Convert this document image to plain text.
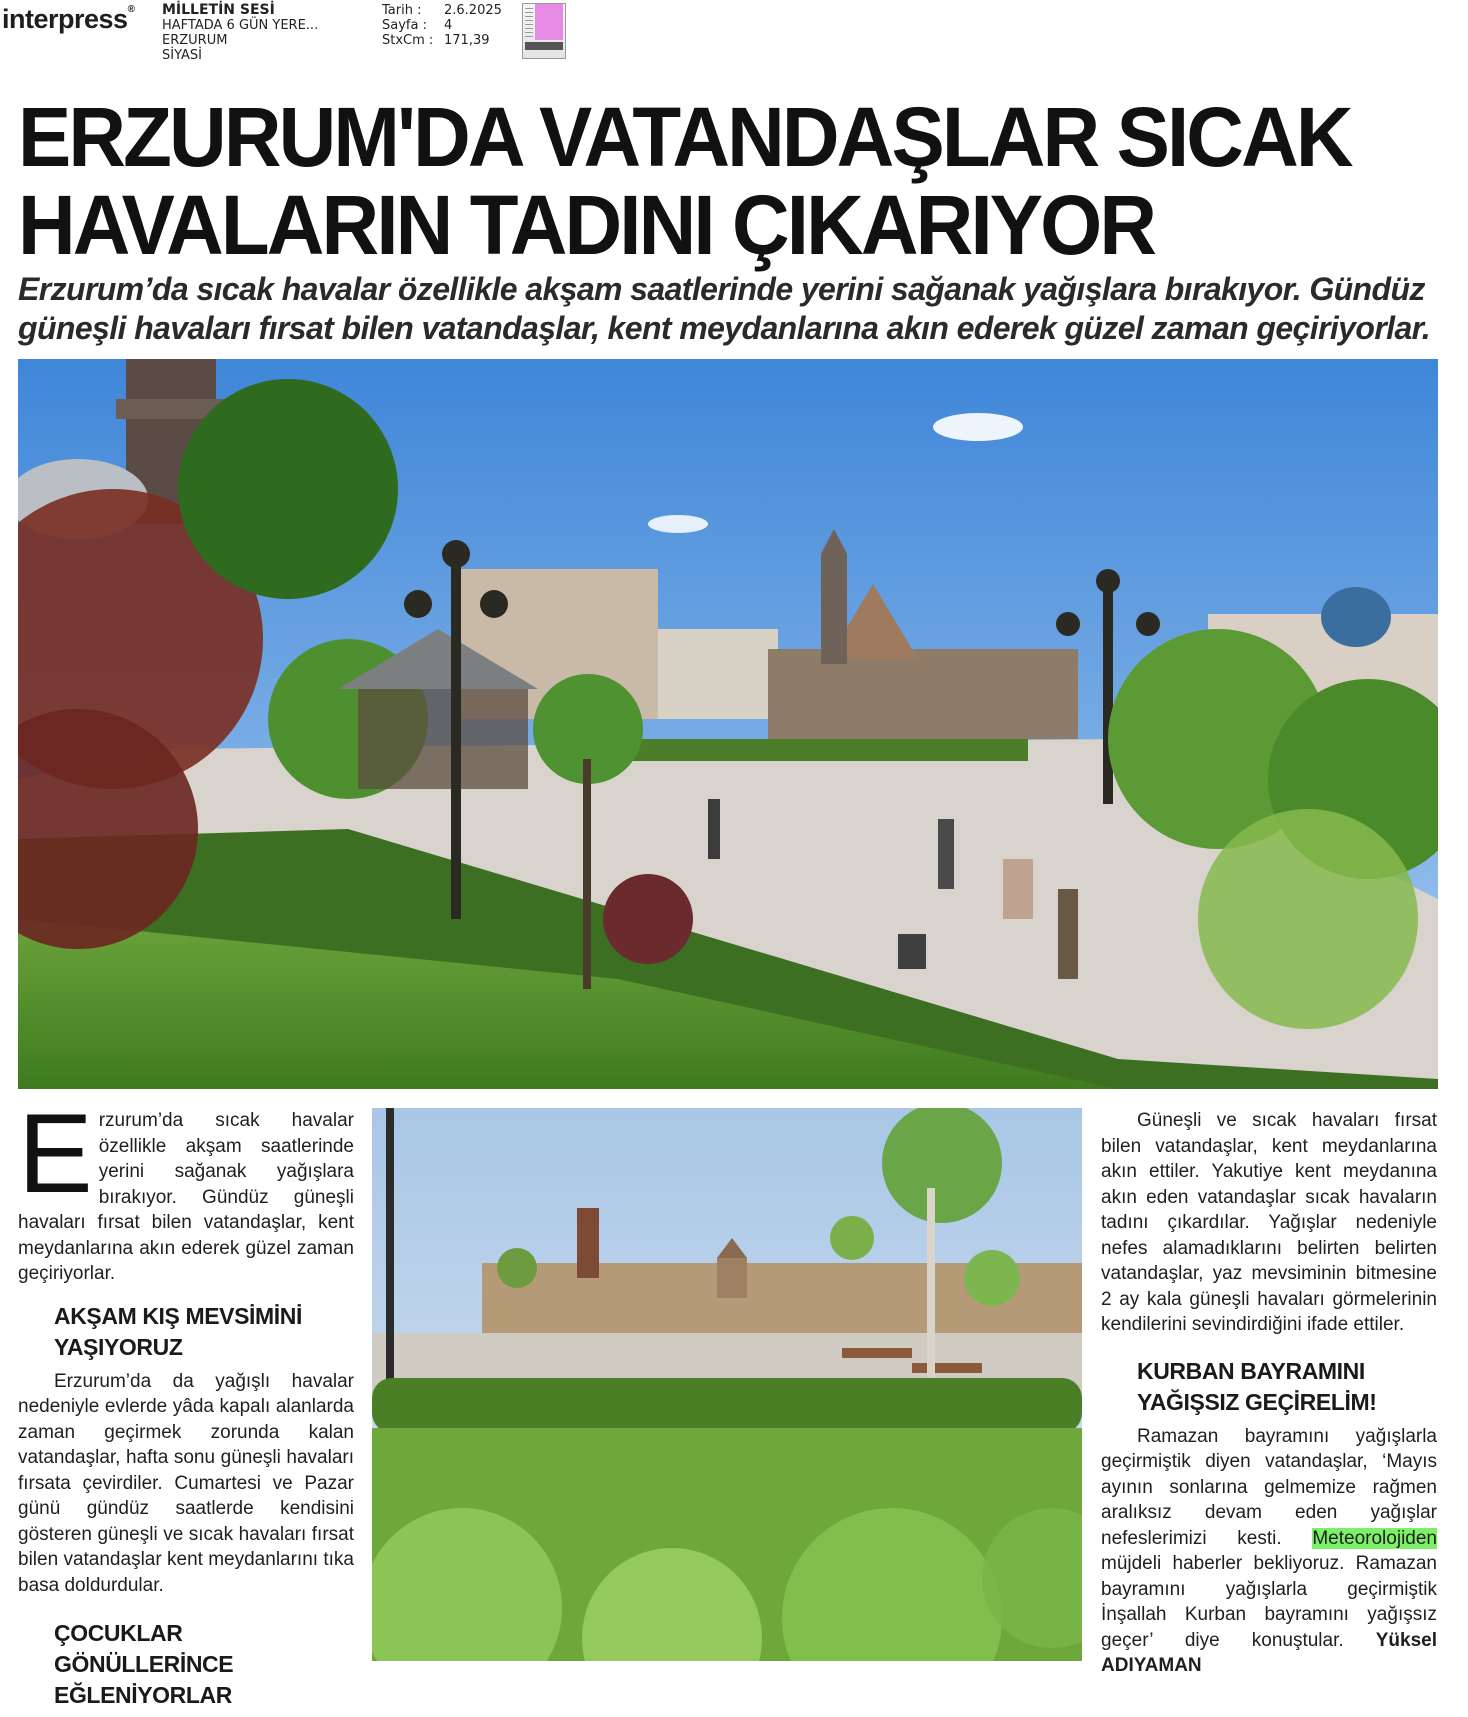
interpress® MİLLETİN SESİ
HAFTADA 6 GÜN YERE...
ERZURUM
SİYASİ
Tarih :	2.6.2025
Sayfa :	4
StxCm : 171,39
ERZURUM'DA VATANDAŞLAR SICAK
HAVALARIN TADINI ÇIKARIYOR

Erzurum’da sıcak havalar özellikle akşam saatlerinde yerini sağanak yağışlara bırakıyor. Gündüz güneşli havaları fırsat bilen vatandaşlar, kent meydanlarına akın ederek güzel zaman geçiriyorlar.

Erzurum’da sıcak havalar özellikle akşam saatlerinde yerini sağanak yağışlara bırakıyor. Gündüz güneşli havaları fırsat bilen vatandaşlar, kent meydanlarına akın ederek güzel zaman geçiriyorlar.

AKŞAM KIŞ MEVSİMİNİ YAŞIYORUZ

Erzurum’da da yağışlı havalar nedeniyle evlerde yâda kapalı alanlarda zaman geçirmek zorunda kalan vatandaşlar, hafta sonu güneşli havaları fırsata çevirdiler. Cumartesi ve Pazar günü gündüz saatlerde kendisini gösteren güneşli ve sıcak havaları fırsat bilen vatandaşlar kent meydanlarını tıka basa doldurdular.

ÇOCUKLAR GÖNÜLLERİNCE EĞLENİYORLAR

Güneşli ve sıcak havaları fırsat bilen vatandaşlar, kent meydanlarına akın ettiler. Yakutiye kent meydanına akın eden vatandaşlar sıcak havaların tadını çıkardılar. Yağışlar nedeniyle nefes alamadıklarını belirten belirten vatandaşlar, yaz mevsiminin bitmesine 2 ay kala güneşli havaları görmelerinin kendilerini sevindirdiğini ifade ettiler.

KURBAN BAYRAMINI YAĞIŞSIZ GEÇİRELİM!

Ramazan bayramını yağışlarla geçirmiştik diyen vatandaşlar, ‘Mayıs ayının sonlarına gelmemize rağmen aralıksız devam eden yağışlar nefeslerimizi kesti. Meteorolojiden müjdeli haberler bekliyoruz. Ramazan bayramını yağışlarla geçirmiştik İnşallah Kurban bayramını yağışsız geçer’ diye konuştular. Yüksel ADIYAMAN
